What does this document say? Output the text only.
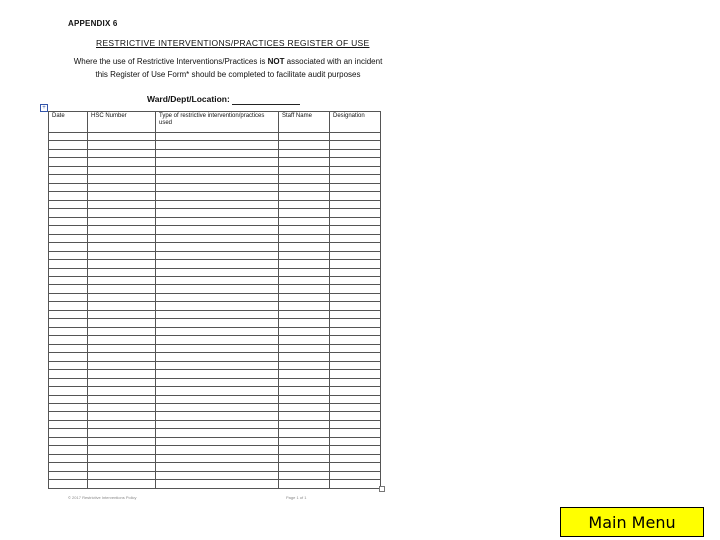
APPENDIX 6
RESTRICTIVE INTERVENTIONS/PRACTICES REGISTER OF USE
Where the use of Restrictive Interventions/Practices is NOT associated with an incident this Register of Use Form* should be completed to facilitate audit purposes
Ward/Dept/Location:
+
Date	HSC Number	Type of restrictive intervention/practices used	Staff Name	Designation

© 2017 Restrictive Interventions Policy	Page 1 of 1
Main Menu
